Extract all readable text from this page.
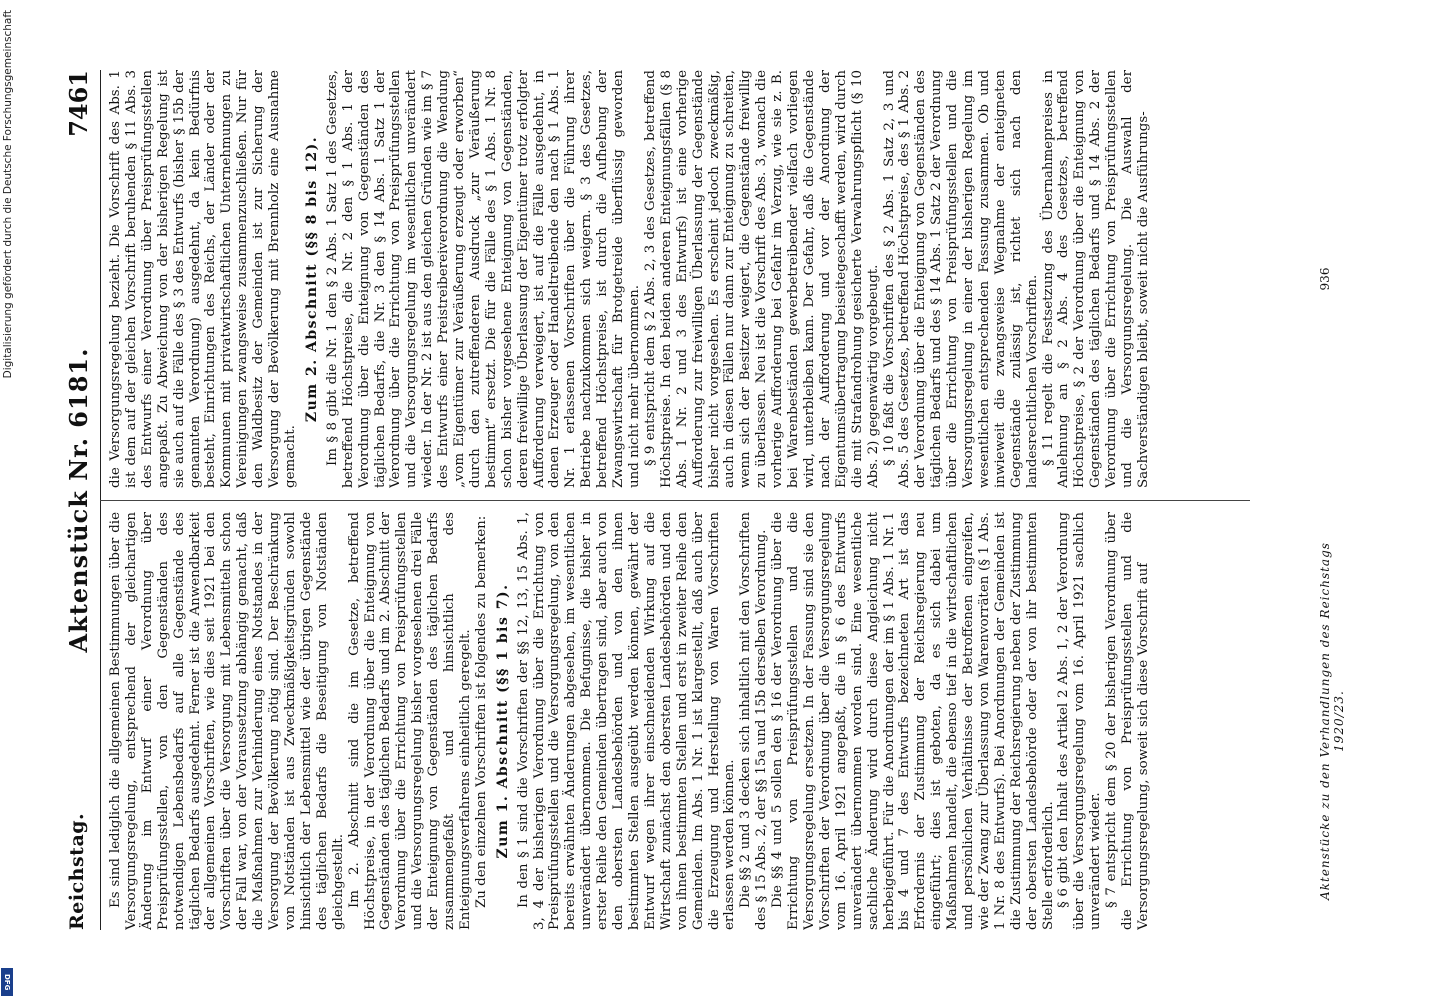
Reichstag.
Aktenstück Nr. 6181.
7461

Es sind lediglich die allgemeinen Bestimmungen über die Versorgungsregelung, entsprechend der gleichartigen Änderung im Entwurf einer Verordnung über Preisprüfungsstellen, von den Gegenständen des notwendigen Lebensbedarfs auf alle Gegenstände des täglichen Bedarfs ausgedehnt. Ferner ist die Anwendbarkeit der allgemeinen Vorschriften, wie dies seit 1921 bei den Vorschriften über die Versorgung mit Lebensmitteln schon der Fall war, von der Voraussetzung abhängig gemacht, daß die Maßnahmen zur Verhinderung eines Notstandes in der Versorgung der Bevölkerung nötig sind. Der Beschränkung von Notständen ist aus Zweckmäßigkeitsgründen sowohl hinsichtlich der Lebensmittel wie der übrigen Gegenstände des täglichen Bedarfs die Beseitigung von Notständen gleichgestellt. Im 2. Abschnitt sind die im Gesetze, betreffend Höchstpreise, in der Verordnung über die Enteignung von Gegenständen des täglichen Bedarfs und im 2. Abschnitt der Verordnung über die Errichtung von Preisprüfungsstellen und die Versorgungsregelung bisher vorgesehenen drei Fälle der Enteignung von Gegenständen des täglichen Bedarfs zusammengefaßt und hinsichtlich des Enteignungsverfahrens einheitlich geregelt. Zu den einzelnen Vorschriften ist folgendes zu bemerken: Zum 1. Abschnitt (§§ 1 bis 7). In den § 1 sind die Vorschriften der §§ 12, 13, 15 Abs. 1, 3, 4 der bisherigen Verordnung über die Errichtung von Preisprüfungsstellen und die Versorgungsregelung, von den bereits erwähnten Änderungen abgesehen, im wesentlichen unverändert übernommen. Die Befugnisse, die bisher in erster Reihe den Gemeinden übertragen sind, aber auch von den obersten Landesbehörden und von den ihnen bestimmten Stellen ausgeübt werden können, gewährt der Entwurf wegen ihrer einschneidenden Wirkung auf die Wirtschaft zunächst den obersten Landesbehörden und den von ihnen bestimmten Stellen und erst in zweiter Reihe den Gemeinden. Im Abs. 1 Nr. 1 ist klargestellt, daß auch über die Erzeugung und Herstellung von Waren Vorschriften erlassen werden können. Die §§ 2 und 3 decken sich inhaltlich mit den Vorschriften des § 15 Abs. 2, der §§ 15a und 15b derselben Verordnung. Die §§ 4 und 5 sollen den § 16 der Verordnung über die Errichtung von Preisprüfungsstellen und die Versorgungsregelung ersetzen. In der Fassung sind sie den Vorschriften der Verordnung über die Versorgungsregelung vom 16. April 1921 angepaßt, die in § 6 des Entwurfs unverändert übernommen worden sind. Eine wesentliche sachliche Änderung wird durch diese Angleichung nicht herbeigeführt. Für die Anordnungen der im § 1 Abs. 1 Nr. 1 bis 4 und 7 des Entwurfs bezeichneten Art ist das Erfordernis der Zustimmung der Reichsregierung neu eingeführt; dies ist geboten, da es sich dabei um Maßnahmen handelt, die ebenso tief in die wirtschaftlichen und persönlichen Verhältnisse der Betroffenen eingreifen, wie der Zwang zur Überlassung von Warenvorräten (§ 1 Abs. 1 Nr. 8 des Entwurfs). Bei Anordnungen der Gemeinden ist die Zustimmung der Reichsregierung neben der Zustimmung der obersten Landesbehörde oder der von ihr bestimmten Stelle erforderlich. § 6 gibt den Inhalt des Artikel 2 Abs. 1, 2 der Verordnung über die Versorgungsregelung vom 16. April 1921 sachlich unverändert wieder. § 7 entspricht dem § 20 der bisherigen Verordnung über die Errichtung von Preisprüfungsstellen und die Versorgungsregelung, soweit sich diese Vorschrift auf

die Versorgungsregelung bezieht. Die Vorschrift des Abs. 1 ist dem auf der gleichen Vorschrift beruhenden § 11 Abs. 3 des Entwurfs einer Verordnung über Preisprüfungsstellen angepaßt. Zu Abweichung von der bisherigen Regelung ist sie auch auf die Fälle des § 3 des Entwurfs (bisher § 15b der genannten Verordnung) ausgedehnt, da kein Bedürfnis besteht, Einrichtungen des Reichs, der Länder oder der Kommunen mit privatwirtschaftlichen Unternehmungen zu Vereinigungen zwangsweise zusammenzuschließen. Nur für den Waldbesitz der Gemeinden ist zur Sicherung der Versorgung der Bevölkerung mit Brennholz eine Ausnahme gemacht.

Zum 2. Abschnitt (§§ 8 bis 12). Im § 8 gibt die Nr. 1 den § 2 Abs. 1 Satz 1 des Gesetzes, betreffend Höchstpreise, die Nr. 2 den § 1 Abs. 1 der Verordnung über die Enteignung von Gegenständen des täglichen Bedarfs, die Nr. 3 den § 14 Abs. 1 Satz 1 der Verordnung über die Errichtung von Preisprüfungsstellen und die Versorgungsregelung im wesentlichen unverändert wieder. In der Nr. 2 ist aus den gleichen Gründen wie im § 7 des Entwurfs einer Preistreibereiverordnung die Wendung „vom Eigentümer zur Veräußerung erzeugt oder erworben“ durch den zutreffenderen Ausdruck „zur Veräußerung bestimmt“ ersetzt. Die für die Fälle des § 1 Abs. 1 Nr. 8 schon bisher vorgesehene Enteignung von Gegenständen, deren freiwillige Überlassung der Eigentümer trotz erfolgter Aufforderung verweigert, ist auf die Fälle ausgedehnt, in denen Erzeuger oder Handeltreibende den nach § 1 Abs. 1 Nr. 1 erlassenen Vorschriften über die Führung ihrer Betriebe nachzukommen sich weigern. § 3 des Gesetzes, betreffend Höchstpreise, ist durch die Aufhebung der Zwangswirtschaft für Brotgetreide überflüssig geworden und nicht mehr übernommen. § 9 entspricht dem § 2 Abs. 2, 3 des Gesetzes, betreffend Höchstpreise. In den beiden anderen Enteignungsfällen (§ 8 Abs. 1 Nr. 2 und 3 des Entwurfs) ist eine vorherige Aufforderung zur freiwilligen Überlassung der Gegenstände bisher nicht vorgesehen. Es erscheint jedoch zweckmäßig, auch in diesen Fällen nur dann zur Enteignung zu schreiten, wenn sich der Besitzer weigert, die Gegenstände freiwillig zu überlassen. Neu ist die Vorschrift des Abs. 3, wonach die vorherige Aufforderung bei Gefahr im Verzug, wie sie z. B. bei Warenbeständen gewerbetreibender vielfach vorliegen wird, unterbleiben kann. Der Gefahr, daß die Gegenstände nach der Aufforderung und vor der Anordnung der Eigentumsübertragung beiseitegeschafft werden, wird durch die mit Strafandrohung gesicherte Verwahrungspflicht (§ 10 Abs. 2) gegenwärtig vorgebeugt. § 10 faßt die Vorschriften des § 2 Abs. 1 Satz 2, 3 und Abs. 5 des Gesetzes, betreffend Höchstpreise, des § 1 Abs. 2 der Verordnung über die Enteignung von Gegenständen des täglichen Bedarfs und des § 14 Abs. 1 Satz 2 der Verordnung über die Errichtung von Preisprüfungsstellen und die Versorgungsregelung in einer der bisherigen Regelung im wesentlichen entsprechenden Fassung zusammen. Ob und inwieweit die zwangsweise Wegnahme der enteigneten Gegenstände zulässig ist, richtet sich nach den landesrechtlichen Vorschriften. § 11 regelt die Festsetzung des Übernahmepreises in Anlehnung an § 2 Abs. 4 des Gesetzes, betreffend Höchstpreise, § 2 der Verordnung über die Enteignung von Gegenständen des täglichen Bedarfs und § 14 Abs. 2 der Verordnung über die Errichtung von Preisprüfungsstellen und die Versorgungsregelung. Die Auswahl der Sachverständigen bleibt, soweit nicht die Ausführungs-

Aktenstücke zu den Verhandlungen des Reichstags 1920/23.
936
Digitalisierung gefördert durch die Deutsche Forschungsgemeinschaft
DFG
